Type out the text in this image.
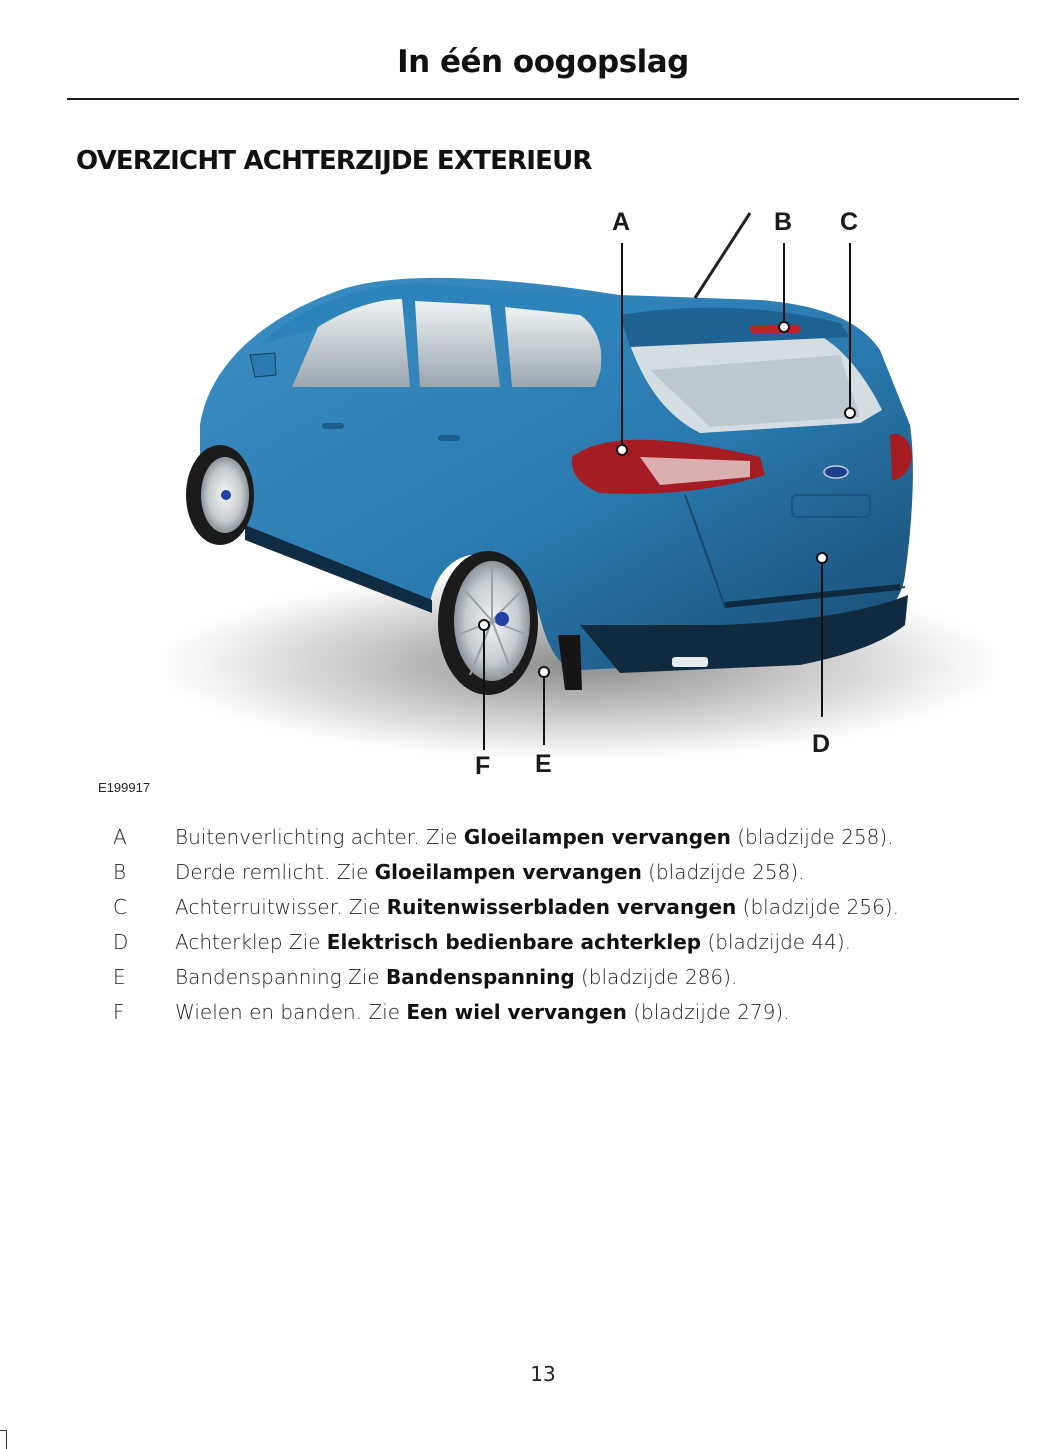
In één oogopslag
OVERZICHT ACHTERZIJDE EXTERIEUR
A	B C
D
E
F
E199917
A	Buitenverlichting achter. Zie Gloeilampen vervangen (bladzijde 258).
B	Derde remlicht. Zie Gloeilampen vervangen (bladzijde 258).
C	Achterruitwisser. Zie Ruitenwisserbladen vervangen (bladzijde 256).
D	Achterklep Zie Elektrisch bedienbare achterklep (bladzijde 44).
E	Bandenspanning Zie Bandenspanning (bladzijde 286).
F	Wielen en banden. Zie Een wiel vervangen (bladzijde 279).
13
